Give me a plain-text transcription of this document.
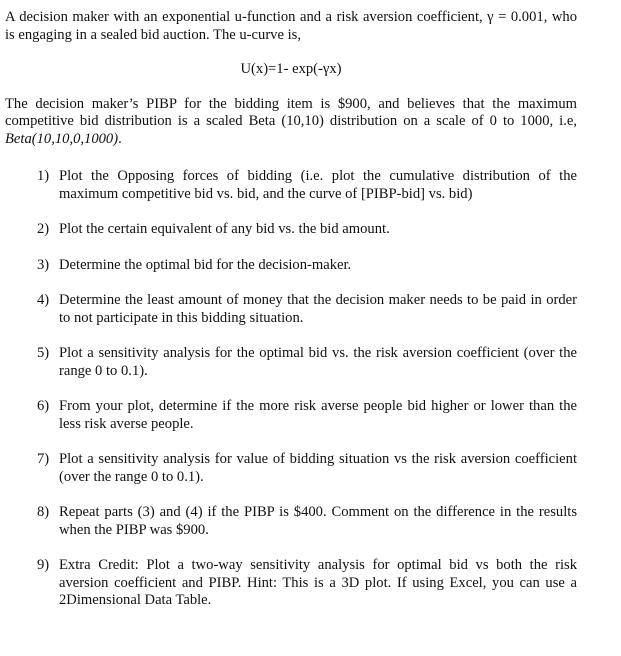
A decision maker with an exponential u-function and a risk aversion coefficient, γ = 0.001, who is engaging in a sealed bid auction. The u-curve is,

U(x)=1- exp(-γx)

The decision maker’s PIBP for the bidding item is $900, and believes that the maximum competitive bid distribution is a scaled Beta (10,10) distribution on a scale of 0 to 1000, i.e, Beta(10,10,0,1000).

1) Plot the Opposing forces of bidding (i.e. plot the cumulative distribution of the maximum competitive bid vs. bid, and the curve of [PIBP-bid] vs. bid)
2) Plot the certain equivalent of any bid vs. the bid amount.
3) Determine the optimal bid for the decision-maker.
4) Determine the least amount of money that the decision maker needs to be paid in order to not participate in this bidding situation.
5) Plot a sensitivity analysis for the optimal bid vs. the risk aversion coefficient (over the range 0 to 0.1).
6) From your plot, determine if the more risk averse people bid higher or lower than the less risk averse people.
7) Plot a sensitivity analysis for value of bidding situation vs the risk aversion coefficient (over the range 0 to 0.1).
8) Repeat parts (3) and (4) if the PIBP is $400. Comment on the difference in the results when the PIBP was $900.
9) Extra Credit: Plot a two-way sensitivity analysis for optimal bid vs both the risk aversion coefficient and PIBP. Hint: This is a 3D plot. If using Excel, you can use a 2Dimensional Data Table.
